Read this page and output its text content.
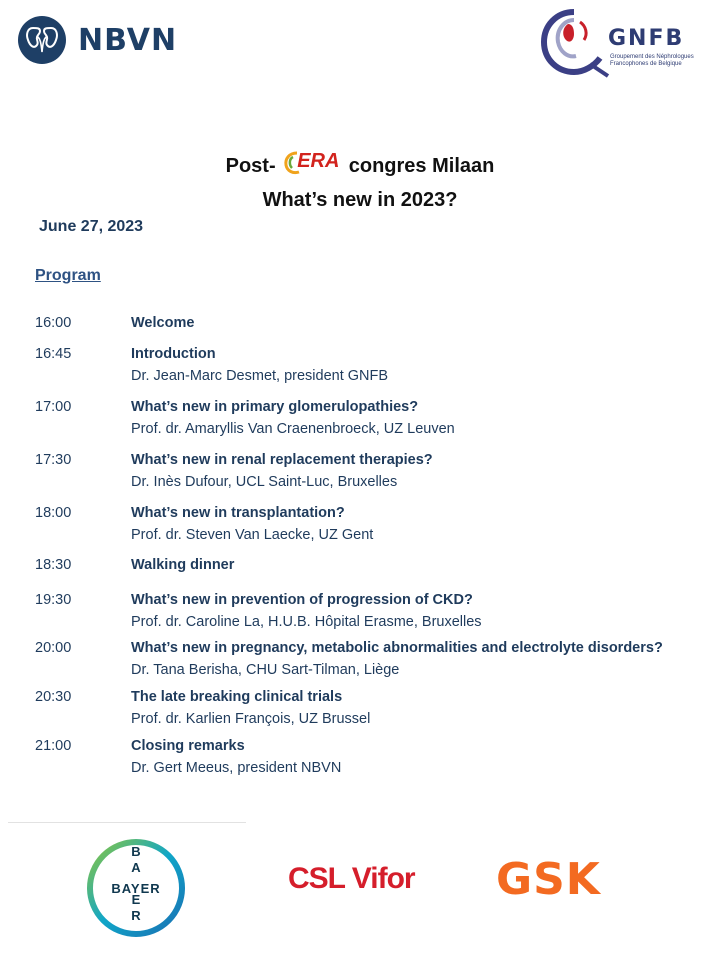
NBVN	GNFB
Groupement des Néphrologues Francophones de Belgique
Post- ERA congres Milaan
What’s new in 2023?
June 27, 2023
Program
16:00	Welcome
16:45	Introduction
Dr. Jean-Marc Desmet, president GNFB
17:00	What’s new in primary glomerulopathies?
Prof. dr. Amaryllis Van Craenenbroeck, UZ Leuven
17:30	What’s new in renal replacement therapies?
Dr. Inès Dufour, UCL Saint-Luc, Bruxelles
18:00	What’s new in transplantation?
Prof. dr. Steven Van Laecke, UZ Gent
18:30	Walking dinner
19:30	What’s new in prevention of progression of CKD?
Prof. dr. Caroline La, H.U.B. Hôpital Erasme, Bruxelles
20:00	What’s new in pregnancy, metabolic abnormalities and electrolyte disorders?
Dr. Tana Berisha, CHU Sart-Tilman, Liège
20:30	The late breaking clinical trials
Prof. dr. Karlien François, UZ Brussel
21:00	Closing remarks
Dr. Gert Meeus, president NBVN
B
A
E
R
BAYER	CSL Vifor GSK
